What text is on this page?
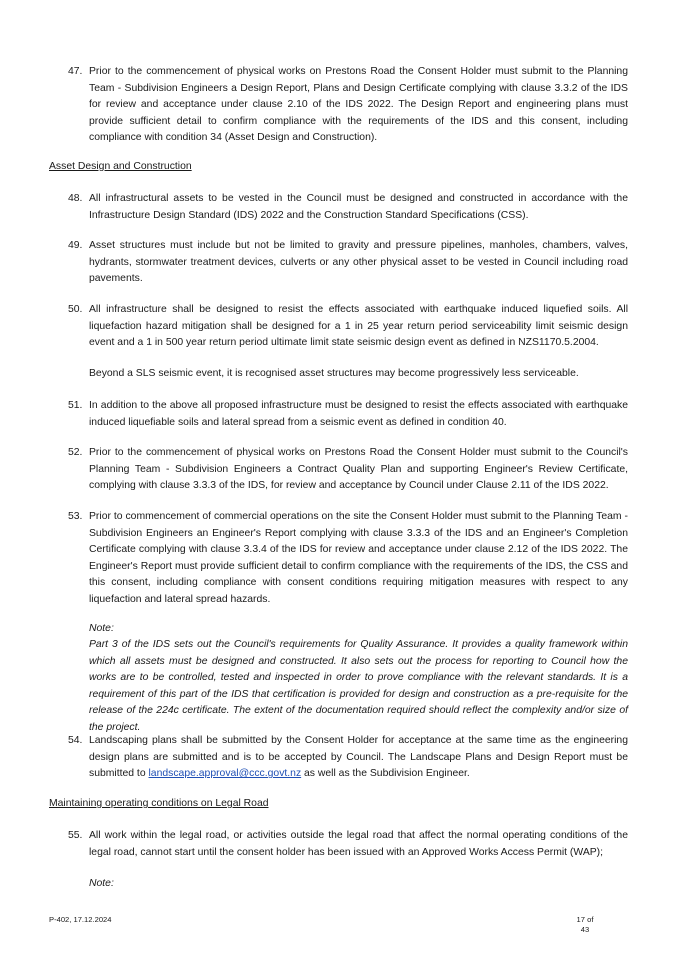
47. Prior to the commencement of physical works on Prestons Road the Consent Holder must submit to the Planning Team - Subdivision Engineers a Design Report, Plans and Design Certificate complying with clause 3.3.2 of the IDS for review and acceptance under clause 2.10 of the IDS 2022. The Design Report and engineering plans must provide sufficient detail to confirm compliance with the requirements of the IDS and this consent, including compliance with condition 34 (Asset Design and Construction).
Asset Design and Construction
48. All infrastructural assets to be vested in the Council must be designed and constructed in accordance with the Infrastructure Design Standard (IDS) 2022 and the Construction Standard Specifications (CSS).
49. Asset structures must include but not be limited to gravity and pressure pipelines, manholes, chambers, valves, hydrants, stormwater treatment devices, culverts or any other physical asset to be vested in Council including road pavements.
50. All infrastructure shall be designed to resist the effects associated with earthquake induced liquefied soils. All liquefaction hazard mitigation shall be designed for a 1 in 25 year return period serviceability limit seismic design event and a 1 in 500 year return period ultimate limit state seismic design event as defined in NZS1170.5.2004.
Beyond a SLS seismic event, it is recognised asset structures may become progressively less serviceable.
51. In addition to the above all proposed infrastructure must be designed to resist the effects associated with earthquake induced liquefiable soils and lateral spread from a seismic event as defined in condition 40.
52. Prior to the commencement of physical works on Prestons Road the Consent Holder must submit to the Council's Planning Team - Subdivision Engineers a Contract Quality Plan and supporting Engineer's Review Certificate, complying with clause 3.3.3 of the IDS, for review and acceptance by Council under Clause 2.11 of the IDS 2022.
53. Prior to commencement of commercial operations on the site the Consent Holder must submit to the Planning Team - Subdivision Engineers an Engineer's Report complying with clause 3.3.3 of the IDS and an Engineer's Completion Certificate complying with clause 3.3.4 of the IDS for review and acceptance under clause 2.12 of the IDS 2022. The Engineer's Report must provide sufficient detail to confirm compliance with the requirements of the IDS, the CSS and this consent, including compliance with consent conditions requiring mitigation measures with respect to any liquefaction and lateral spread hazards.
Note:
Part 3 of the IDS sets out the Council's requirements for Quality Assurance. It provides a quality framework within which all assets must be designed and constructed. It also sets out the process for reporting to Council how the works are to be controlled, tested and inspected in order to prove compliance with the relevant standards. It is a requirement of this part of the IDS that certification is provided for design and construction as a pre-requisite for the release of the 224c certificate. The extent of the documentation required should reflect the complexity and/or size of the project.
54. Landscaping plans shall be submitted by the Consent Holder for acceptance at the same time as the engineering design plans are submitted and is to be accepted by Council. The Landscape Plans and Design Report must be submitted to landscape.approval@ccc.govt.nz as well as the Subdivision Engineer.
Maintaining operating conditions on Legal Road
55. All work within the legal road, or activities outside the legal road that affect the normal operating conditions of the legal road, cannot start until the consent holder has been issued with an Approved Works Access Permit (WAP);
Note:
P-402, 17.12.2024	17 of
43
